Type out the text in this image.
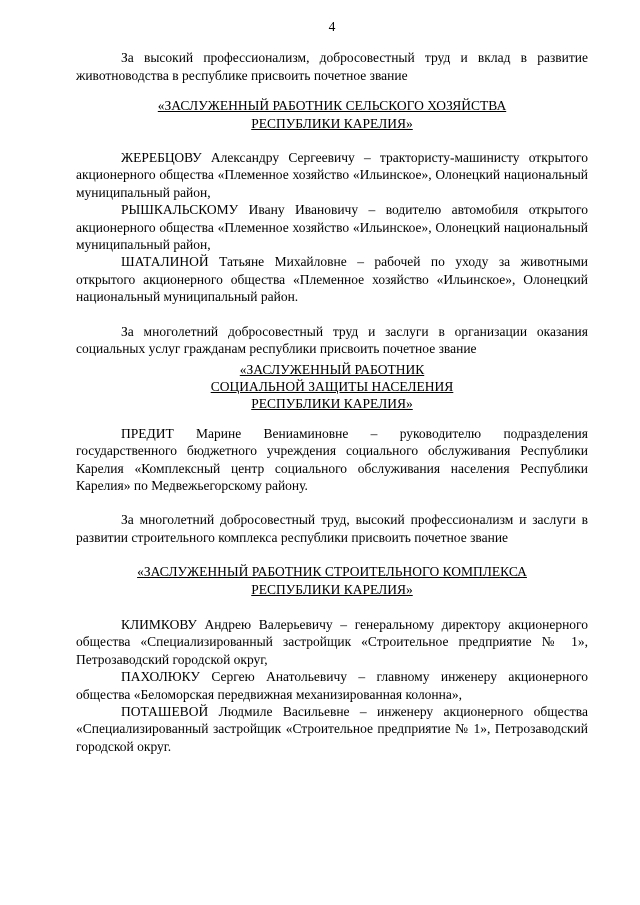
4

За высокий профессионализм, добросовестный труд и вклад в развитие животноводства в республике присвоить почетное звание

«ЗАСЛУЖЕННЫЙ РАБОТНИК СЕЛЬСКОГО ХОЗЯЙСТВА
РЕСПУБЛИКИ КАРЕЛИЯ»

ЖЕРЕБЦОВУ Александру Сергеевичу – трактористу-машинисту открытого акционерного общества «Племенное хозяйство «Ильинское», Олонецкий национальный муниципальный район,

РЫШКАЛЬСКОМУ Ивану Ивановичу – водителю автомобиля открытого акционерного общества «Племенное хозяйство «Ильинское», Олонецкий национальный муниципальный район,

ШАТАЛИНОЙ Татьяне Михайловне – рабочей по уходу за животными открытого акционерного общества «Племенное хозяйство «Ильинское», Олонецкий национальный муниципальный район.

За многолетний добросовестный труд и заслуги в организации оказания социальных услуг гражданам республики присвоить почетное звание

«ЗАСЛУЖЕННЫЙ РАБОТНИК
СОЦИАЛЬНОЙ ЗАЩИТЫ НАСЕЛЕНИЯ
РЕСПУБЛИКИ КАРЕЛИЯ»

ПРЕДИТ Марине Вениаминовне – руководителю подразделения государственного бюджетного учреждения социального обслуживания Республики Карелия «Комплексный центр социального обслуживания населения Республики Карелия» по Медвежьегорскому району.

За многолетний добросовестный труд, высокий профессионализм и заслуги в развитии строительного комплекса республики присвоить почетное звание

«ЗАСЛУЖЕННЫЙ РАБОТНИК СТРОИТЕЛЬНОГО КОМПЛЕКСА
РЕСПУБЛИКИ КАРЕЛИЯ»

КЛИМКОВУ Андрею Валерьевичу – генеральному директору акционерного общества «Специализированный застройщик «Строительное предприятие № 1», Петрозаводский городской округ,

ПАХОЛЮКУ Сергею Анатольевичу – главному инженеру акционерного общества «Беломорская передвижная механизированная колонна»,

ПОТАШЕВОЙ Людмиле Васильевне – инженеру акционерного общества «Специализированный застройщик «Строительное предприятие № 1», Петрозаводский городской округ.
